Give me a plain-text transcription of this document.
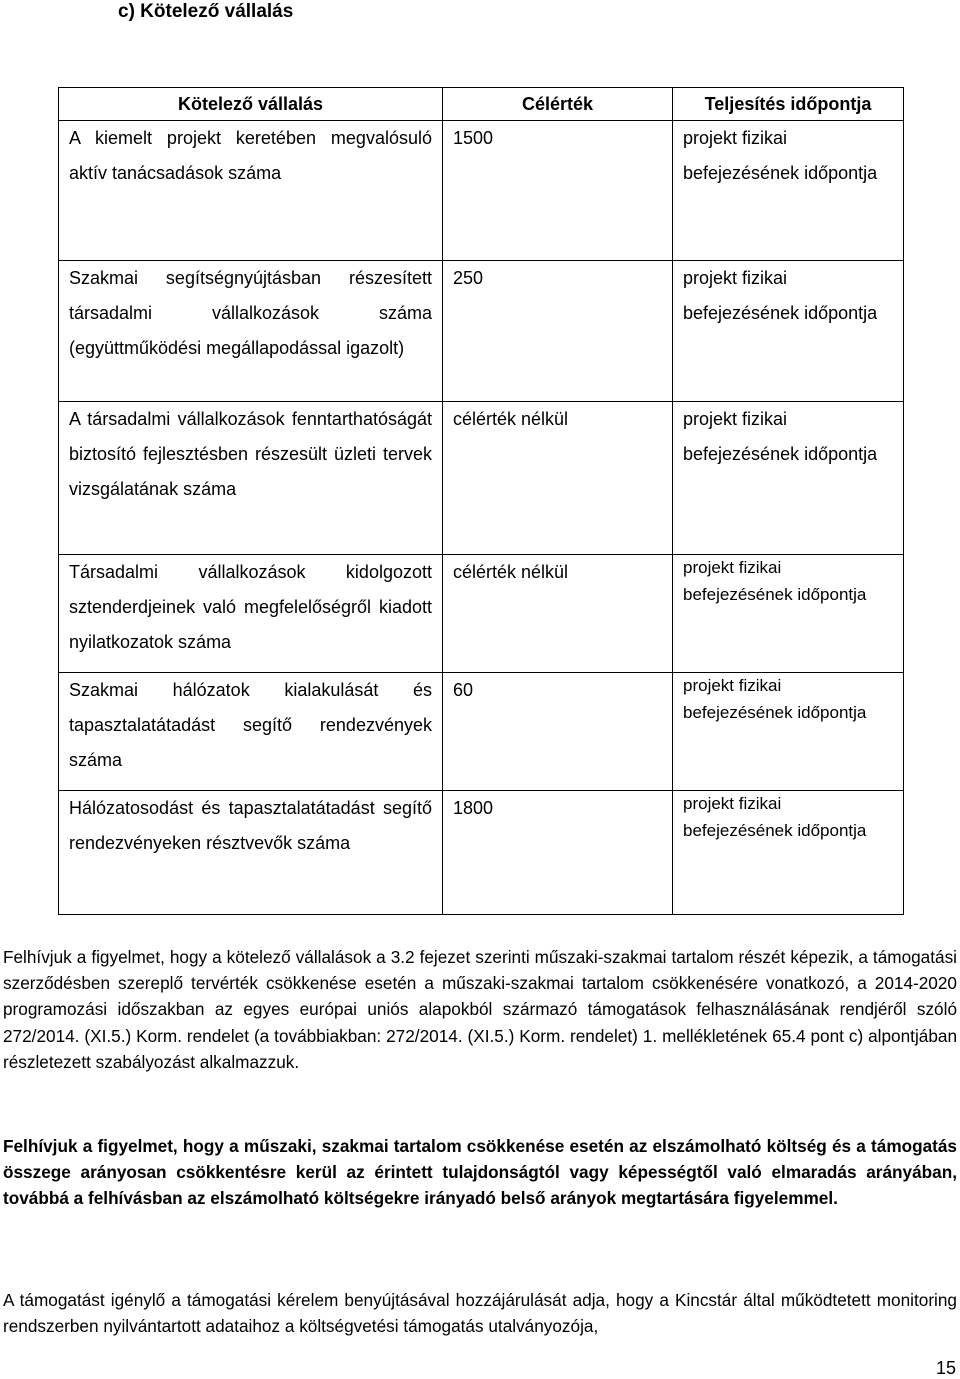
c) Kötelező vállalás
Kötelező vállalás	Célérték	Teljesítés időpontja
A kiemelt projekt keretében megvalósuló aktív tanácsadások száma	1500	projekt fizikai befejezésének időpontja
Szakmai segítségnyújtásban részesített társadalmi vállalkozások száma (együttműködési megállapodással igazolt)	250	projekt fizikai befejezésének időpontja
A társadalmi vállalkozások fenntarthatóságát biztosító fejlesztésben részesült üzleti tervek vizsgálatának száma	célérték nélkül	projekt fizikai befejezésének időpontja
Társadalmi vállalkozások kidolgozott sztenderdjeinek való megfelelőségről kiadott nyilatkozatok száma	célérték nélkül	projekt fizikai befejezésének időpontja
Szakmai hálózatok kialakulását és tapasztalatátadást segítő rendezvények száma	60	projekt fizikai befejezésének időpontja
Hálózatosodást és tapasztalatátadást segítő rendezvényeken résztvevők száma	1800	projekt fizikai befejezésének időpontja
Felhívjuk a figyelmet, hogy a kötelező vállalások a 3.2 fejezet szerinti műszaki-szakmai tartalom részét képezik, a támogatási szerződésben szereplő tervérték csökkenése esetén a műszaki-szakmai tartalom csökkenésére vonatkozó, a 2014-2020 programozási időszakban az egyes európai uniós alapokból származó támogatások felhasználásának rendjéről szóló 272/2014. (XI.5.) Korm. rendelet (a továbbiakban: 272/2014. (XI.5.) Korm. rendelet) 1. mellékletének 65.4 pont c) alpontjában részletezett szabályozást alkalmazzuk.
Felhívjuk a figyelmet, hogy a műszaki, szakmai tartalom csökkenése esetén az elszámolható költség és a támogatás összege arányosan csökkentésre kerül az érintett tulajdonságtól vagy képességtől való elmaradás arányában, továbbá a felhívásban az elszámolható költségekre irányadó belső arányok megtartására figyelemmel.
A támogatást igénylő a támogatási kérelem benyújtásával hozzájárulását adja, hogy a Kincstár által működtetett monitoring rendszerben nyilvántartott adataihoz a költségvetési támogatás utalványozója,
15
